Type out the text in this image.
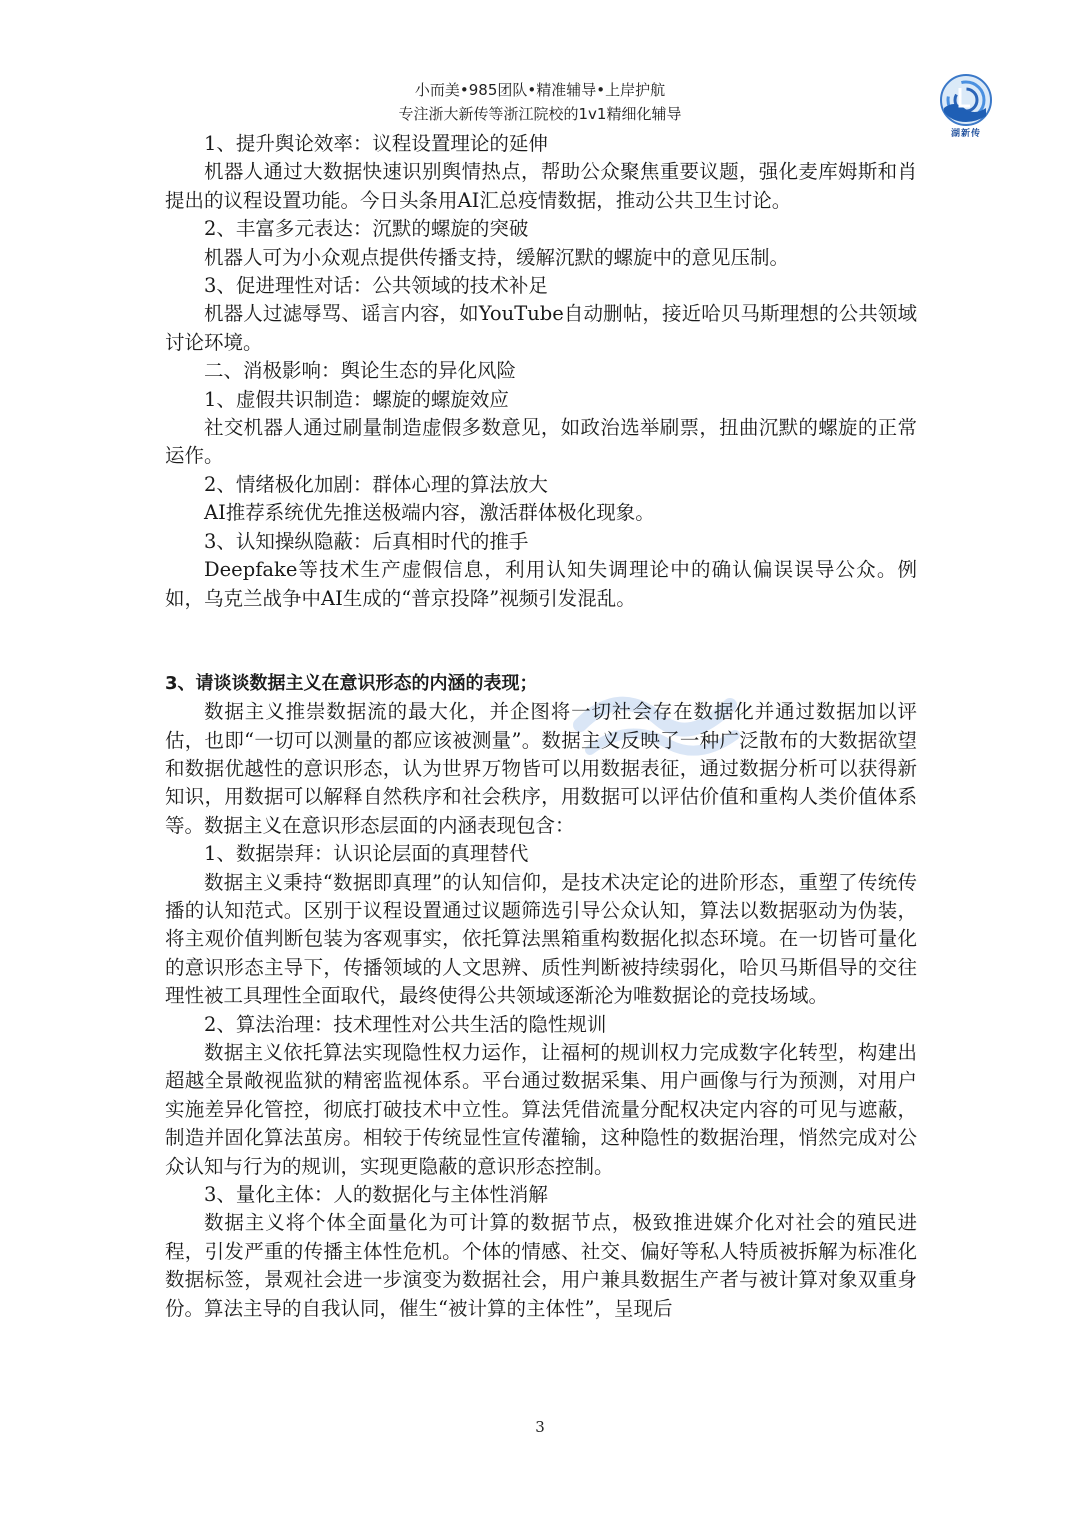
小而美•985团队•精准辅导•上岸护航
专注浙大新传等浙江院校的1v1精细化辅导
湖新传

1、提升舆论效率：议程设置理论的延伸

机器人通过大数据快速识别舆情热点，帮助公众聚焦重要议题，强化麦库姆斯和肖提出的议程设置功能。今日头条用AI汇总疫情数据，推动公共卫生讨论。

2、丰富多元表达：沉默的螺旋的突破

机器人可为小众观点提供传播支持，缓解沉默的螺旋中的意见压制。

3、促进理性对话：公共领域的技术补足

机器人过滤辱骂、谣言内容，如YouTube自动删帖，接近哈贝马斯理想的公共领域讨论环境。

二、消极影响：舆论生态的异化风险

1、虚假共识制造：螺旋的螺旋效应

社交机器人通过刷量制造虚假多数意见，如政治选举刷票，扭曲沉默的螺旋的正常运作。

2、情绪极化加剧：群体心理的算法放大

AI推荐系统优先推送极端内容，激活群体极化现象。

3、认知操纵隐蔽：后真相时代的推手

Deepfake等技术生产虚假信息，利用认知失调理论中的确认偏误误导公众。例如，乌克兰战争中AI生成的“普京投降”视频引发混乱。

3、请谈谈数据主义在意识形态的内涵的表现；

数据主义推崇数据流的最大化，并企图将一切社会存在数据化并通过数据加以评估，也即“一切可以测量的都应该被测量”。数据主义反映了一种广泛散布的大数据欲望和数据优越性的意识形态，认为世界万物皆可以用数据表征，通过数据分析可以获得新知识，用数据可以解释自然秩序和社会秩序，用数据可以评估价值和重构人类价值体系等。数据主义在意识形态层面的内涵表现包含：

1、数据崇拜：认识论层面的真理替代

数据主义秉持“数据即真理”的认知信仰，是技术决定论的进阶形态，重塑了传统传播的认知范式。区别于议程设置通过议题筛选引导公众认知，算法以数据驱动为伪装，将主观价值判断包装为客观事实，依托算法黑箱重构数据化拟态环境。在一切皆可量化的意识形态主导下，传播领域的人文思辨、质性判断被持续弱化，哈贝马斯倡导的交往理性被工具理性全面取代，最终使得公共领域逐渐沦为唯数据论的竞技场域。

2、算法治理：技术理性对公共生活的隐性规训

数据主义依托算法实现隐性权力运作，让福柯的规训权力完成数字化转型，构建出超越全景敞视监狱的精密监视体系。平台通过数据采集、用户画像与行为预测，对用户实施差异化管控，彻底打破技术中立性。算法凭借流量分配权决定内容的可见与遮蔽，制造并固化算法茧房。相较于传统显性宣传灌输，这种隐性的数据治理，悄然完成对公众认知与行为的规训，实现更隐蔽的意识形态控制。

3、量化主体：人的数据化与主体性消解

数据主义将个体全面量化为可计算的数据节点，极致推进媒介化对社会的殖民进程，引发严重的传播主体性危机。个体的情感、社交、偏好等私人特质被拆解为标准化数据标签，景观社会进一步演变为数据社会，用户兼具数据生产者与被计算对象双重身份。算法主导的自我认同，催生“被计算的主体性”，呈现后

3
